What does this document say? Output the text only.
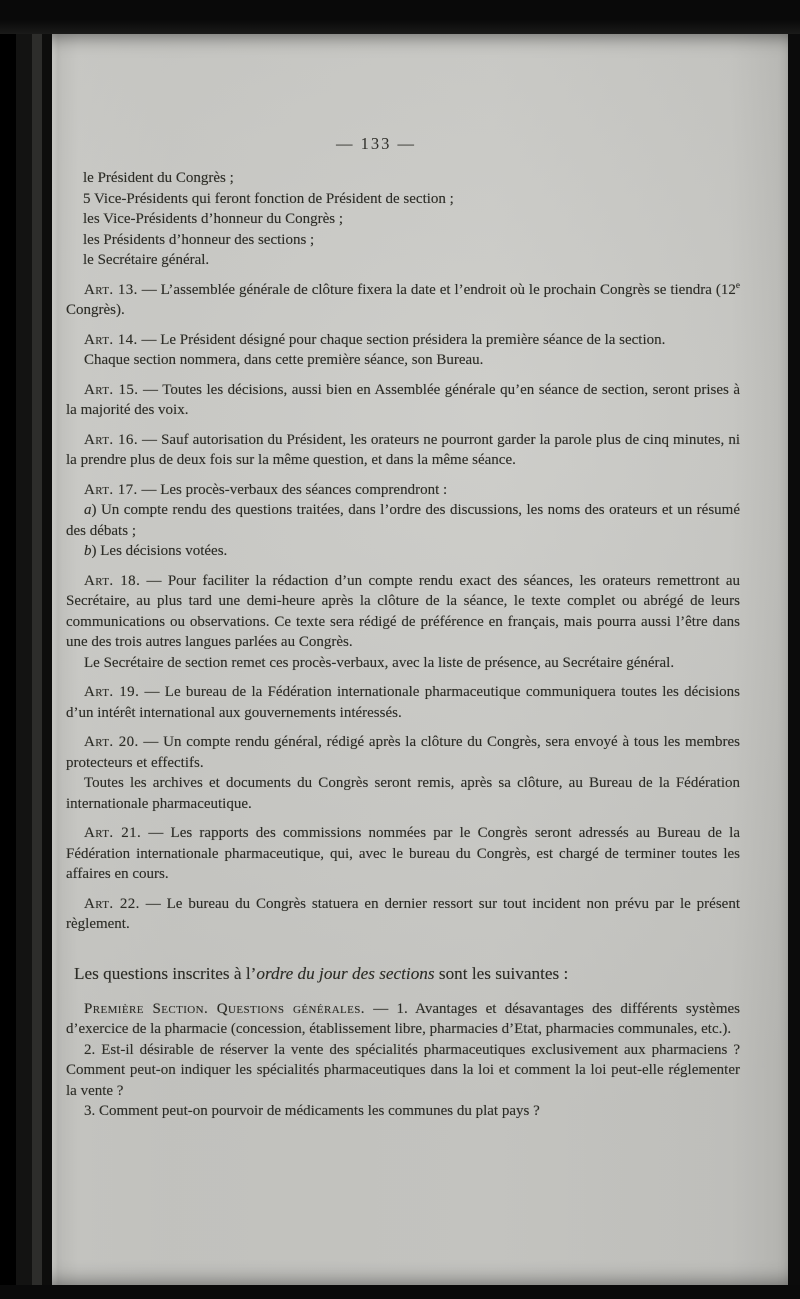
— 133 —

le Président du Congrès ;

5 Vice-Présidents qui feront fonction de Président de section ;

les Vice-Présidents d’honneur du Congrès ;

les Présidents d’honneur des sections ;

le Secrétaire général.

Art. 13. — L’assemblée générale de clôture fixera la date et l’endroit où le prochain Congrès se tiendra (12e Congrès).

Art. 14. — Le Président désigné pour chaque section présidera la première séance de la section.

Chaque section nommera, dans cette première séance, son Bureau.

Art. 15. — Toutes les décisions, aussi bien en Assemblée générale qu’en séance de section, seront prises à la majorité des voix.

Art. 16. — Sauf autorisation du Président, les orateurs ne pourront garder la parole plus de cinq minutes, ni la prendre plus de deux fois sur la même question, et dans la même séance.

Art. 17. — Les procès-verbaux des séances comprendront :

a) Un compte rendu des questions traitées, dans l’ordre des discussions, les noms des orateurs et un résumé des débats ;

b) Les décisions votées.

Art. 18. — Pour faciliter la rédaction d’un compte rendu exact des séances, les orateurs remettront au Secrétaire, au plus tard une demi-heure après la clôture de la séance, le texte complet ou abrégé de leurs communications ou observations. Ce texte sera rédigé de préférence en français, mais pourra aussi l’être dans une des trois autres langues parlées au Congrès.

Le Secrétaire de section remet ces procès-verbaux, avec la liste de présence, au Secrétaire général.

Art. 19. — Le bureau de la Fédération internationale pharmaceutique communiquera toutes les décisions d’un intérêt international aux gouvernements intéressés.

Art. 20. — Un compte rendu général, rédigé après la clôture du Congrès, sera envoyé à tous les membres protecteurs et effectifs.

Toutes les archives et documents du Congrès seront remis, après sa clôture, au Bureau de la Fédération internationale pharmaceutique.

Art. 21. — Les rapports des commissions nommées par le Congrès seront adressés au Bureau de la Fédération internationale pharmaceutique, qui, avec le bureau du Congrès, est chargé de terminer toutes les affaires en cours.

Art. 22. — Le bureau du Congrès statuera en dernier ressort sur tout incident non prévu par le présent règlement.

Les questions inscrites à l’ordre du jour des sections sont les suivantes :

Première Section. Questions générales. — 1. Avantages et désavantages des différents systèmes d’exercice de la pharmacie (concession, établissement libre, pharmacies d’Etat, pharmacies communales, etc.).

2. Est-il désirable de réserver la vente des spécialités pharmaceutiques exclusivement aux pharmaciens ? Comment peut-on indiquer les spécialités pharmaceutiques dans la loi et comment la loi peut-elle réglementer la vente ?

3. Comment peut-on pourvoir de médicaments les communes du plat pays ?
